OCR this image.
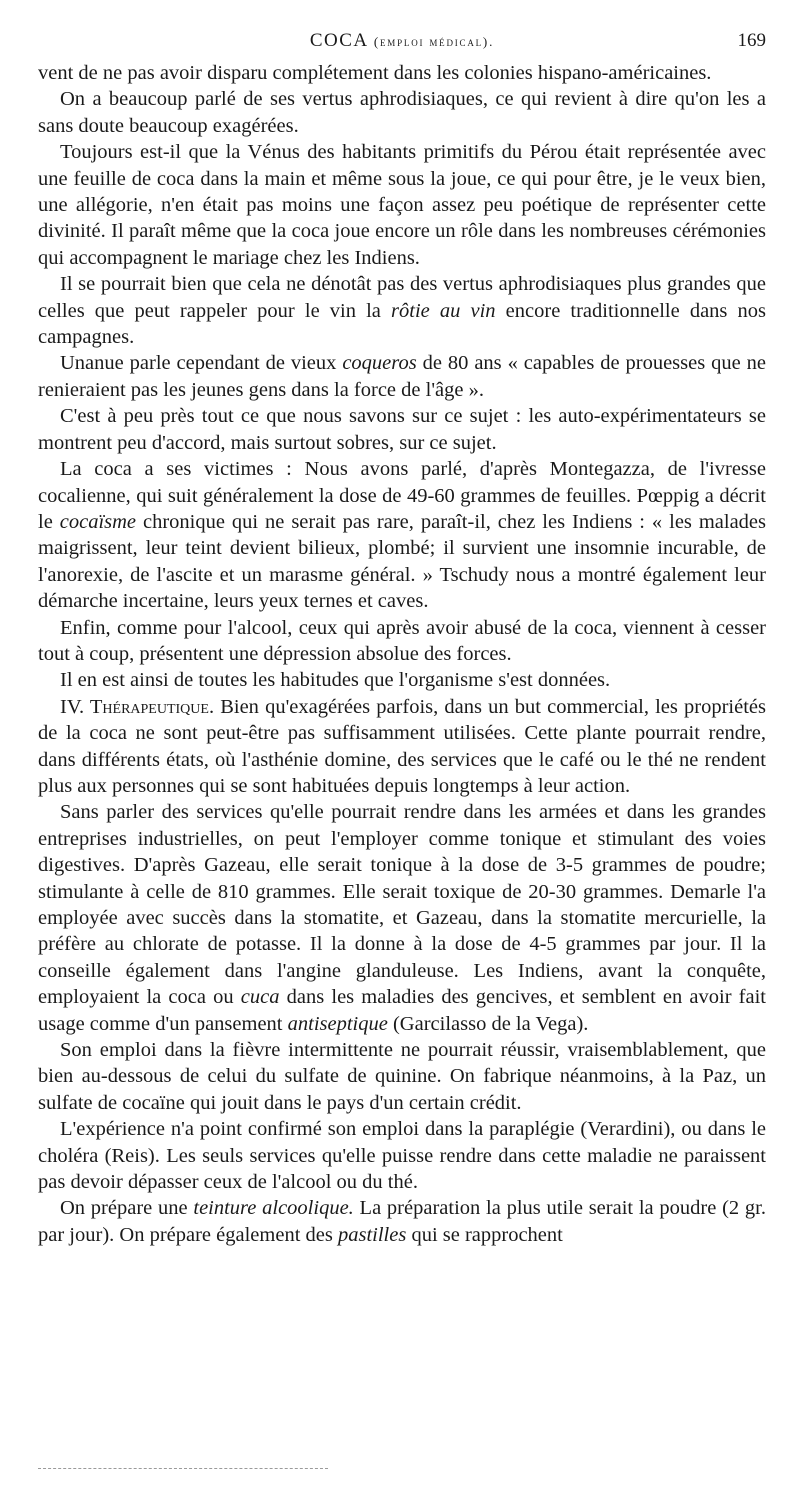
COCA (emploi médical).	169

vent de ne pas avoir disparu complétement dans les colonies hispano-américaines.

On a beaucoup parlé de ses vertus aphrodisiaques, ce qui revient à dire qu'on les a sans doute beaucoup exagérées.

Toujours est-il que la Vénus des habitants primitifs du Pérou était représentée avec une feuille de coca dans la main et même sous la joue, ce qui pour être, je le veux bien, une allégorie, n'en était pas moins une façon assez peu poétique de représenter cette divinité. Il paraît même que la coca joue encore un rôle dans les nombreuses cérémonies qui accompagnent le mariage chez les Indiens.

Il se pourrait bien que cela ne dénotât pas des vertus aphrodisiaques plus grandes que celles que peut rappeler pour le vin la rôtie au vin encore traditionnelle dans nos campagnes.

Unanue parle cependant de vieux coqueros de 80 ans « capables de prouesses que ne renieraient pas les jeunes gens dans la force de l'âge ».

C'est à peu près tout ce que nous savons sur ce sujet : les auto-expérimentateurs se montrent peu d'accord, mais surtout sobres, sur ce sujet.

La coca a ses victimes : Nous avons parlé, d'après Montegazza, de l'ivresse cocalienne, qui suit généralement la dose de 49-60 grammes de feuilles. Pœppig a décrit le cocaïsme chronique qui ne serait pas rare, paraît-il, chez les Indiens : « les malades maigrissent, leur teint devient bilieux, plombé; il survient une insomnie incurable, de l'anorexie, de l'ascite et un marasme général. » Tschudy nous a montré également leur démarche incertaine, leurs yeux ternes et caves.

Enfin, comme pour l'alcool, ceux qui après avoir abusé de la coca, viennent à cesser tout à coup, présentent une dépression absolue des forces.

Il en est ainsi de toutes les habitudes que l'organisme s'est données.

IV. Thérapeutique. Bien qu'exagérées parfois, dans un but commercial, les propriétés de la coca ne sont peut-être pas suffisamment utilisées. Cette plante pourrait rendre, dans différents états, où l'asthénie domine, des services que le café ou le thé ne rendent plus aux personnes qui se sont habituées depuis longtemps à leur action.

Sans parler des services qu'elle pourrait rendre dans les armées et dans les grandes entreprises industrielles, on peut l'employer comme tonique et stimulant des voies digestives. D'après Gazeau, elle serait tonique à la dose de 3-5 grammes de poudre; stimulante à celle de 810 grammes. Elle serait toxique de 20-30 grammes. Demarle l'a employée avec succès dans la stomatite, et Gazeau, dans la stomatite mercurielle, la préfère au chlorate de potasse. Il la donne à la dose de 4-5 grammes par jour. Il la conseille également dans l'angine glanduleuse. Les Indiens, avant la conquête, employaient la coca ou cuca dans les maladies des gencives, et semblent en avoir fait usage comme d'un pansement antiseptique (Garcilasso de la Vega).

Son emploi dans la fièvre intermittente ne pourrait réussir, vraisemblablement, que bien au-dessous de celui du sulfate de quinine. On fabrique néanmoins, à la Paz, un sulfate de cocaïne qui jouit dans le pays d'un certain crédit.

L'expérience n'a point confirmé son emploi dans la paraplégie (Verardini), ou dans le choléra (Reis). Les seuls services qu'elle puisse rendre dans cette maladie ne paraissent pas devoir dépasser ceux de l'alcool ou du thé.

On prépare une teinture alcoolique. La préparation la plus utile serait la poudre (2 gr. par jour). On prépare également des pastilles qui se rapprochent
